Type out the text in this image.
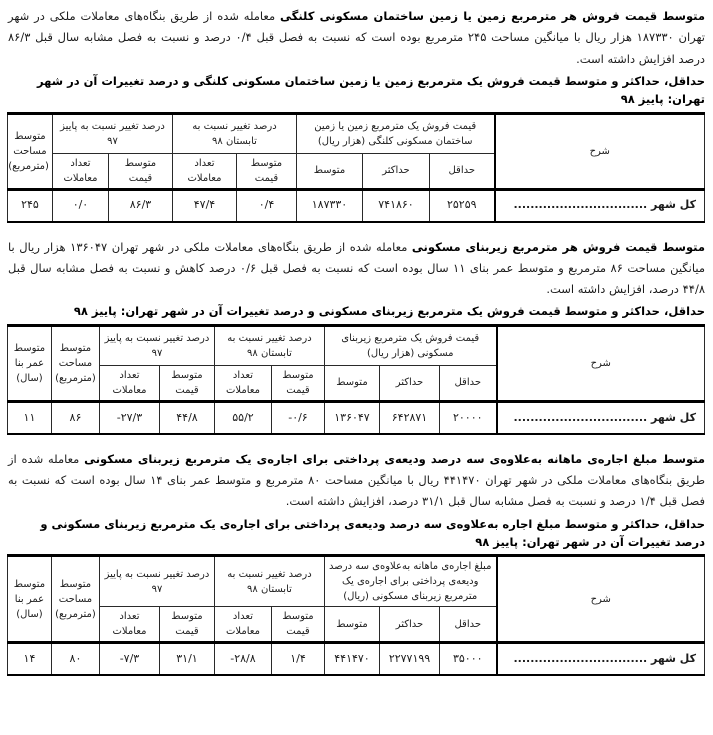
متوسط قیمت فروش هر مترمربع زمین یا زمین ساختمان مسکونی کلنگی معامله شده از طریق بنگاه‌های معاملات ملکی در شهر تهران ۱۸۷۳۳۰ هزار ریال با میانگین مساحت ۲۴۵ مترمربع بوده است که نسبت به فصل قبل ۰/۴ درصد و نسبت به فصل مشابه سال قبل ۸۶/۳ درصد افزایش داشته است.

حداقل، حداکثر و متوسط قیمت فروش یک مترمربع زمین یا زمین ساختمان مسکونی کلنگی و درصد تغییرات آن در شهر تهران: پاییز ۹۸
شرح	قیمت فروش یک مترمربع زمین یا زمین ساختمان مسکونی کلنگی (هزار ریال)			درصد تغییر نسبت به تابستان ۹۸		درصد تغییر نسبت به پاییز ۹۷		متوسط مساحت (مترمربع)
	حداقل	حداکثر	متوسط	متوسط قیمت	تعداد معاملات	متوسط قیمت	تعداد معاملات	
کل شهر ................................	۲۵۲۵۹	۷۴۱۸۶۰	۱۸۷۳۳۰	۰/۴	۴۷/۴	۸۶/۳	۰/۰	۲۴۵

متوسط قیمت فروش هر مترمربع زیربنای مسکونی معامله شده از طریق بنگاه‌های معاملات ملکی در شهر تهران ۱۳۶۰۴۷ هزار ریال با میانگین مساحت ۸۶ مترمربع و متوسط عمر بنای ۱۱ سال بوده است که نسبت به فصل قبل ۰/۶ درصد کاهش و نسبت به فصل مشابه سال قبل ۴۴/۸ درصد، افزایش داشته است.

حداقل، حداکثر و متوسط قیمت فروش یک مترمربع زیربنای مسکونی و درصد تغییرات آن در شهر تهران: پاییز ۹۸
شرح	قیمت فروش یک مترمربع زیربنای مسکونی (هزار ریال)			درصد تغییر نسبت به تابستان ۹۸		درصد تغییر نسبت به پاییز ۹۷		متوسط مساحت (مترمربع)	متوسط عمر بنا (سال)
	حداقل	حداکثر	متوسط	متوسط قیمت	تعداد معاملات	متوسط قیمت	تعداد معاملات		
کل شهر ................................	۲۰۰۰۰	۶۴۲۸۷۱	۱۳۶۰۴۷	-۰/۶	۵۵/۲	۴۴/۸	-۲۷/۳	۸۶	۱۱

متوسط مبلغ اجاره‌ی ماهانه به‌علاوه‌ی سه درصد ودیعه‌ی پرداختی برای اجاره‌ی یک مترمربع زیربنای مسکونی معامله شده از طریق بنگاه‌های معاملات ملکی در شهر تهران ۴۴۱۴۷۰ ریال با میانگین مساحت ۸۰ مترمربع و متوسط عمر بنای ۱۴ سال بوده است که نسبت به فصل قبل ۱/۴ درصد و نسبت به فصل مشابه سال قبل ۳۱/۱ درصد، افزایش داشته است.

حداقل، حداکثر و متوسط مبلغ اجاره به‌علاوه‌ی سه درصد ودیعه‌ی پرداختی برای اجاره‌ی یک مترمربع زیربنای مسکونی و درصد تغییرات آن در شهر تهران: پاییز ۹۸
شرح	مبلغ اجاره‌ی ماهانه به‌علاوه‌ی سه درصد ودیعه‌ی پرداختی برای اجاره‌ی یک مترمربع زیربنای مسکونی (ریال)			درصد تغییر نسبت به تابستان ۹۸		درصد تغییر نسبت به پاییز ۹۷		متوسط مساحت (مترمربع)	متوسط عمر بنا (سال)
	حداقل	حداکثر	متوسط	متوسط قیمت	تعداد معاملات	متوسط قیمت	تعداد معاملات		
کل شهر ................................	۳۵۰۰۰	۲۲۷۷۱۹۹	۴۴۱۴۷۰	۱/۴	-۲۸/۸	۳۱/۱	-۷/۳	۸۰	۱۴
